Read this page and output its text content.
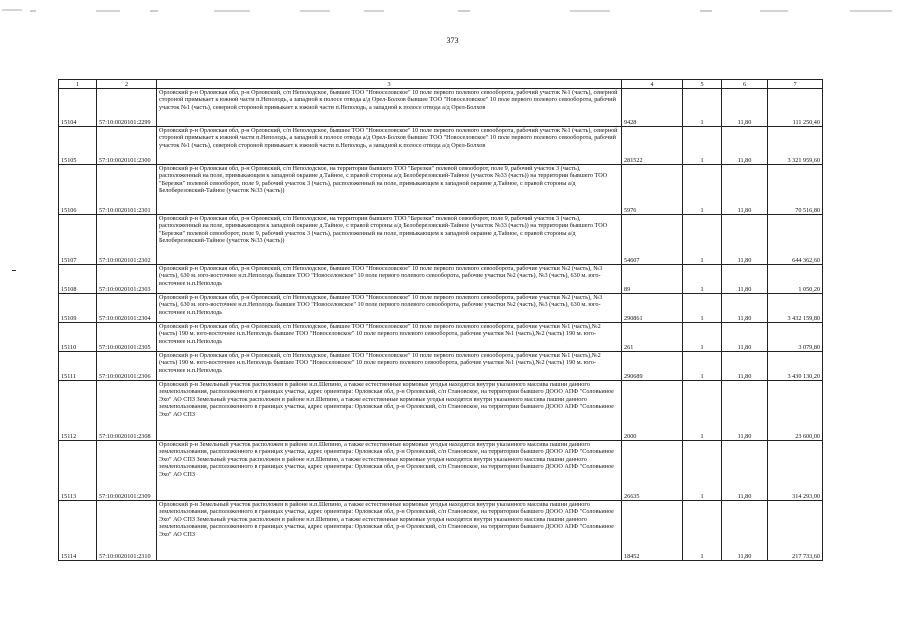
373
1	2	3	4	5	6	7
15104	57:10:0020101:2299	Орловский р-н Орловская обл, р-н Орловский, с/п Неполодское, бывшее ТОО "Новоселовское" 10 поле первого полевого севооборота, рабочий участок №1 (часть), северной стороной примыкает к южной части п.Неполодь, а западной к полосе отвода а/д Орел-Болхов бывшее ТОО "Новоселовское" 10 поле первого полевого севооборота, рабочий участок №1 (часть), северной стороной примыкает к южной части п.Неполодь, а западной к полосе отвода а/д Орел-Болхов	9428	1	11,80	111 250,40
15105	57:10:0020101:2300	Орловский р-н Орловская обл, р-н Орловский, с/п Неполодское, бывшее ТОО "Новоселовское" 10 поле первого полевого севооборота, рабочий участок №1 (часть), северной стороной примыкает к южной части п.Неполодь, а западной к полосе отвода а/д Орел-Болхов бывшее ТОО "Новоселовское" 10 поле первого полевого севооборота, рабочий участок №1 (часть), северной стороной примыкает к южной части п.Неполодь, а западной к полосе отвода а/д Орел-Болхов	281522	1	11,80	3 321 959,60
15106	57:10:0020101:2301	Орловский р-н Орловская обл, р-н Орловский, с/п Неполодское, на территории бывшего ТОО "Березки" полевой севооборот, поле 9, рабочий участок 3 (часть), расположенный на поле, примыкающем к западной окраине д.Тайное, с правой стороны а/д Белоберезовский-Тайное (участок №33 (часть)) на территории бывшего ТОО "Березки" полевой севооборот, поле 9, рабочий участок 3 (часть), расположенный на поле, примыкающем к западной окраине д.Тайное, с правой стороны а/д Белоберезовский-Тайное (участок №33 (часть))	5976	1	11,80	70 516,80
15107	57:10:0020101:2302	Орловский р-н Орловская обл, р-н Орловский, с/п Неполодское, на территории бывшего ТОО "Березки" полевой севооборот, поле 9, рабочий участок 3 (часть), расположенный на поле, примыкающем к западной окраине д.Тайное, с правой стороны а/д Белоберезовский-Тайное (участок №33 (часть)) на территории бывшего ТОО "Березки" полевой севооборот, поле 9, рабочий участок 3 (часть), расположенный на поле, примыкающем к западной окраине д.Тайное, с правой стороны а/д Белоберезовский-Тайное (участок №33 (часть))	54607	1	11,80	644 362,60
15108	57:10:0020101:2303	Орловский р-н Орловская обл, р-н Орловский, с/п Неполодское, бывшее ТОО "Новоселовское" 10 поле первого полевого севооборота, рабочие участки №2 (часть), №3 (часть), 630 м. юго-восточнее н.п.Неполодь бывшее ТОО "Новоселовское" 10 поле первого полевого севооборота, рабочие участки №2 (часть), №3 (часть), 630 м. юго-восточнее н.п.Неполодь	89	1	11,80	1 050,20
15109	57:10:0020101:2304	Орловский р-н Орловская обл, р-н Орловский, с/п Неполодское, бывшее ТОО "Новоселовское" 10 поле первого полевого севооборота, рабочие участки №2 (часть), №3 (часть), 630 м. юго-восточнее н.п.Неполодь бывшее ТОО "Новоселовское" 10 поле первого полевого севооборота, рабочие участки №2 (часть), №3 (часть), 630 м. юго-восточнее н.п.Неполодь	290861	1	11,80	3 432 159,80
15110	57:10:0020101:2305	Орловский р-н Орловская обл, р-н Орловский, с/п Неполодское, бывшее ТОО "Новоселовское" 10 поле первого полевого севооборота, рабочие участки №1 (часть),№2 (часть) 190 м. юго-восточнее н.п.Неполодь бывшее ТОО "Новоселовское" 10 поле первого полевого севооборота, рабочие участки №1 (часть),№2 (часть) 190 м. юго-восточнее н.п.Неполодь	261	1	11,80	3 079,80
15111	57:10:0020101:2306	Орловский р-н Орловская обл, р-н Орловский, с/п Неполодское, бывшее ТОО "Новоселовское" 10 поле первого полевого севооборота, рабочие участки №1 (часть),№2 (часть) 190 м. юго-восточнее н.п.Неполодь бывшее ТОО "Новоселовское" 10 поле первого полевого севооборота, рабочие участки №1 (часть),№2 (часть) 190 м. юго-восточнее н.п.Неполодь	290689	1	11,80	3 430 130,20
15112	57:10:0020101:2308	Орловский р-н Земельный участок расположен в районе н.п.Шепино, а также естественные кормовые угодья находятся внутри указанного массива пашни данного землепользования, расположенного в границах участка, адрес ориентира: Орловская обл, р-н Орловский, с/п Становское, на территории бывшего ДООО АПФ "Соловьиное Эхо" АО СПЗ Земельный участок расположен в районе н.п.Шепино, а также естественные кормовые угодья находятся внутри указанного массива пашни данного землепользования, расположенного в границах участка, адрес ориентира: Орловская обл, р-н Орловский, с/п Становское, на территории бывшего ДООО АПФ "Соловьиное Эхо" АО СПЗ	2000	1	11,80	23 600,00
15113	57:10:0020101:2309	Орловский р-н Земельный участок расположен в районе н.п.Шепино, а также естественные кормовые угодья находятся внутри указанного массива пашни данного землепользования, расположенного в границах участка, адрес ориентира: Орловская обл, р-н Орловский, с/п Становское, на территории бывшего ДООО АПФ "Соловьиное Эхо" АО СПЗ Земельный участок расположен в районе н.п.Шепино, а также естественные кормовые угодья находятся внутри указанного массива пашни данного землепользования, расположенного в границах участка, адрес ориентира: Орловская обл, р-н Орловский, с/п Становское, на территории бывшего ДООО АПФ "Соловьиное Эхо" АО СПЗ	26635	1	11,80	314 293,00
15114	57:10:0020101:2310	Орловский р-н Земельный участок расположен в районе н.п.Шепино, а также естественные кормовые угодья находятся внутри указанного массива пашни данного землепользования, расположенного в границах участка, адрес ориентира: Орловская обл, р-н Орловский, с/п Становское, на территории бывшего ДООО АПФ "Соловьиное Эхо" АО СПЗ Земельный участок расположен в районе н.п.Шепино, а также естественные кормовые угодья находятся внутри указанного массива пашни данного землепользования, расположенного в границах участка, адрес ориентира: Орловская обл, р-н Орловский, с/п Становское, на территории бывшего ДООО АПФ "Соловьиное Эхо" АО СПЗ	18452	1	11,80	217 733,60
